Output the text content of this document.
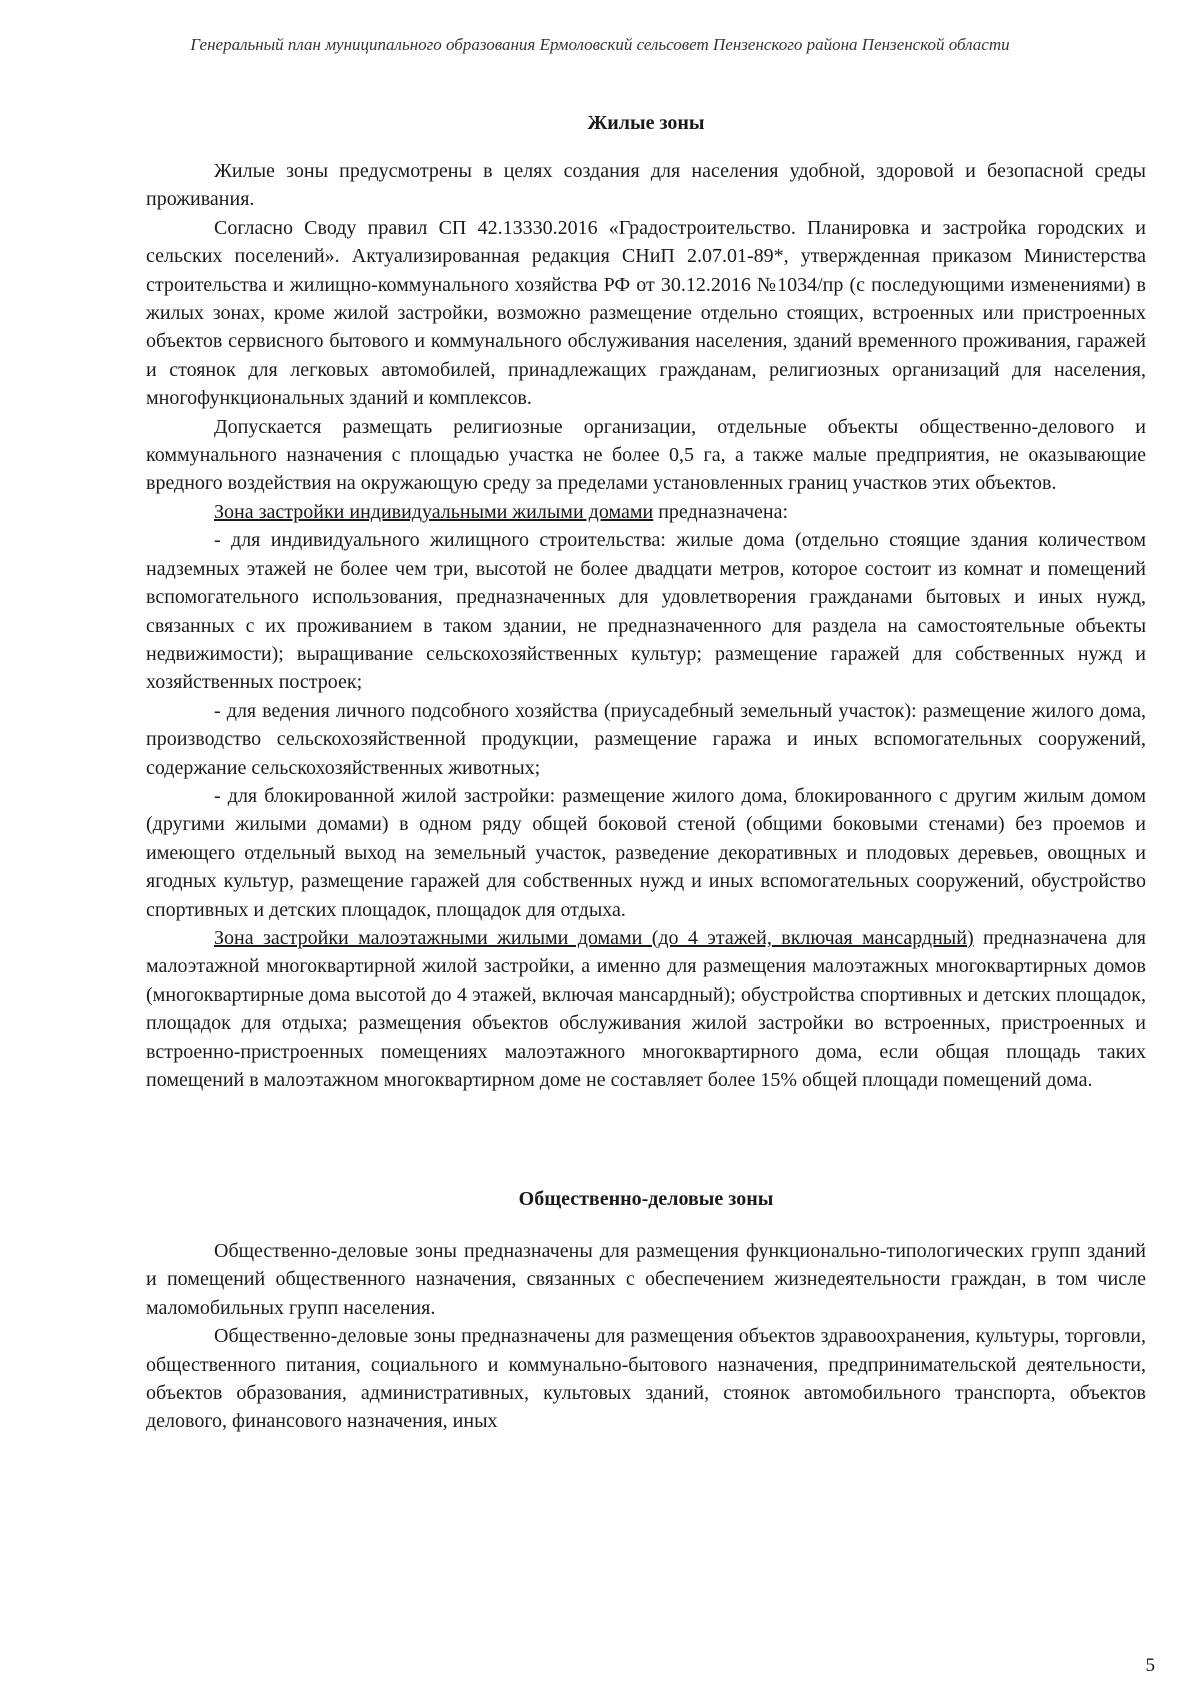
Генеральный план муниципального образования Ермоловский сельсовет Пензенского района Пензенской области
Жилые зоны

Жилые зоны предусмотрены в целях создания для населения удобной, здоровой и безопасной среды проживания.

Согласно Своду правил СП 42.13330.2016 «Градостроительство. Планировка и застройка городских и сельских поселений». Актуализированная редакция СНиП 2.07.01-89*, утвержденная приказом Министерства строительства и жилищно-коммунального хозяйства РФ от 30.12.2016 №1034/пр (с последующими изменениями) в жилых зонах, кроме жилой застройки, возможно размещение отдельно стоящих, встроенных или пристроенных объектов сервисного бытового и коммунального обслуживания населения, зданий временного проживания, гаражей и стоянок для легковых автомобилей, принадлежащих гражданам, религиозных организаций для населения, многофункциональных зданий и комплексов.

Допускается размещать религиозные организации, отдельные объекты общественно-делового и коммунального назначения с площадью участка не более 0,5 га, а также малые предприятия, не оказывающие вредного воздействия на окружающую среду за пределами установленных границ участков этих объектов.

Зона застройки индивидуальными жилыми домами предназначена:

- для индивидуального жилищного строительства: жилые дома (отдельно стоящие здания количеством надземных этажей не более чем три, высотой не более двадцати метров, которое состоит из комнат и помещений вспомогательного использования, предназначенных для удовлетворения гражданами бытовых и иных нужд, связанных с их проживанием в таком здании, не предназначенного для раздела на самостоятельные объекты недвижимости); выращивание сельскохозяйственных культур; размещение гаражей для собственных нужд и хозяйственных построек;

- для ведения личного подсобного хозяйства (приусадебный земельный участок): размещение жилого дома, производство сельскохозяйственной продукции, размещение гаража и иных вспомогательных сооружений, содержание сельскохозяйственных животных;

- для блокированной жилой застройки: размещение жилого дома, блокированного с другим жилым домом (другими жилыми домами) в одном ряду общей боковой стеной (общими боковыми стенами) без проемов и имеющего отдельный выход на земельный участок, разведение декоративных и плодовых деревьев, овощных и ягодных культур, размещение гаражей для собственных нужд и иных вспомогательных сооружений, обустройство спортивных и детских площадок, площадок для отдыха.

Зона застройки малоэтажными жилыми домами (до 4 этажей, включая мансардный) предназначена для малоэтажной многоквартирной жилой застройки, а именно для размещения малоэтажных многоквартирных домов (многоквартирные дома высотой до 4 этажей, включая мансардный); обустройства спортивных и детских площадок, площадок для отдыха; размещения объектов обслуживания жилой застройки во встроенных, пристроенных и встроенно-пристроенных помещениях малоэтажного многоквартирного дома, если общая площадь таких помещений в малоэтажном многоквартирном доме не составляет более 15% общей площади помещений дома.

Общественно-деловые зоны

Общественно-деловые зоны предназначены для размещения функционально-типологических групп зданий и помещений общественного назначения, связанных с обеспечением жизнедеятельности граждан, в том числе маломобильных групп населения.

Общественно-деловые зоны предназначены для размещения объектов здравоохранения, культуры, торговли, общественного питания, социального и коммунально-бытового назначения, предпринимательской деятельности, объектов образования, административных, культовых зданий, стоянок автомобильного транспорта, объектов делового, финансового назначения, иных

5
